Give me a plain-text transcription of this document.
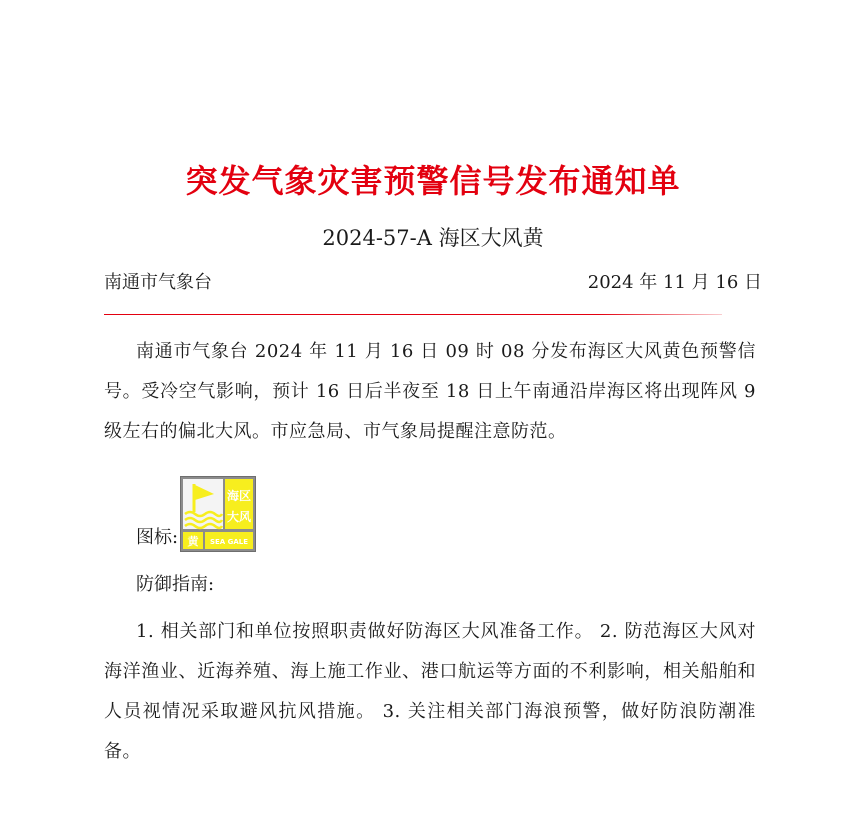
突发气象灾害预警信号发布通知单
2024-57-A 海区大风黄
南通市气象台	2024 年 11 月 16 日
南通市气象台 2024 年 11 月 16 日 09 时 08 分发布海区大风黄色预警信号。受冷空气影响，预计 16 日后半夜至 18 日上午南通沿岸海区将出现阵风 9 级左右的偏北大风。市应急局、市气象局提醒注意防范。
图标:
海区
大风
黄 SEA GALE
防御指南:
1. 相关部门和单位按照职责做好防海区大风准备工作。 2. 防范海区大风对海洋渔业、近海养殖、海上施工作业、港口航运等方面的不利影响，相关船舶和人员视情况采取避风抗风措施。 3. 关注相关部门海浪预警，做好防浪防潮准备。
